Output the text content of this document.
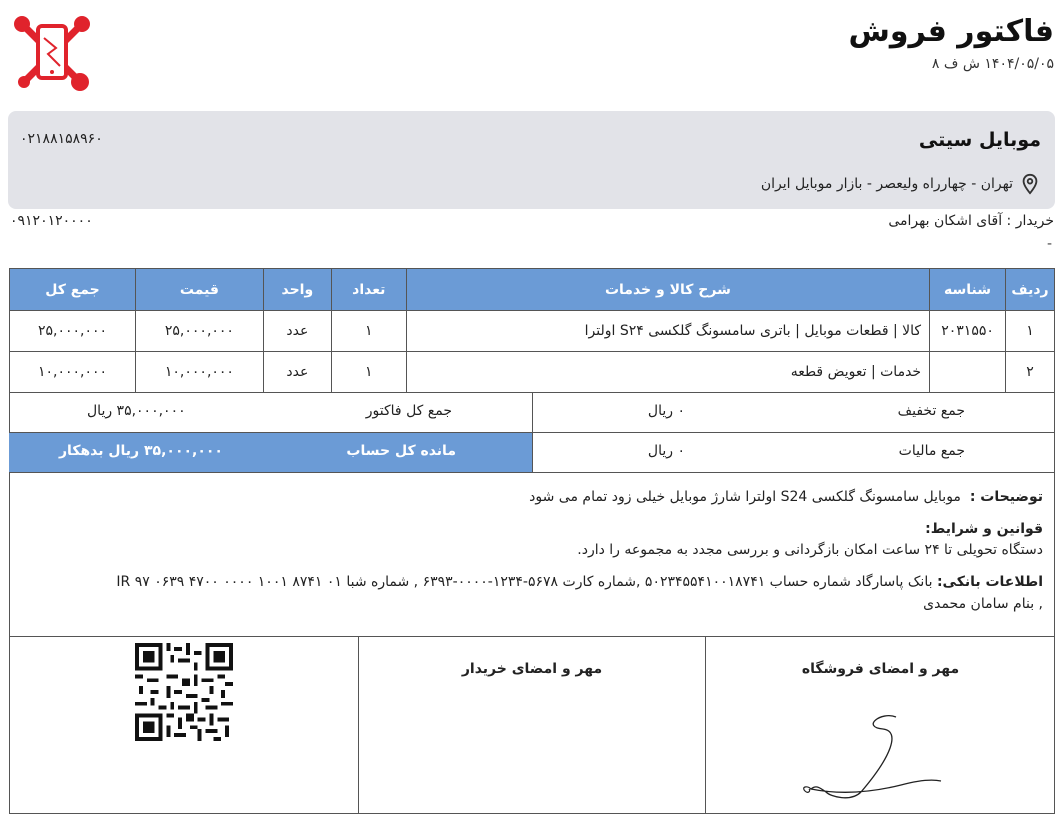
فاکتور فروش
۱۴۰۴/۰۵/۰۵ ش ف ۸
موبایل سیتی
تهران - چهارراه ولیعصر - بازار موبایل ایران
۰۲۱۸۸۱۵۸۹۶۰
خریدار : آقای اشکان بهرامی
-
۰۹۱۲۰۱۲۰۰۰۰
ردیف	شناسه	شرح کالا و خدمات	تعداد	واحد	قیمت	جمع کل
۱	۲۰۳۱۵۵۰	کالا | قطعات موبایل | باتری سامسونگ گلکسی S۲۴ اولترا	۱	عدد	۲۵,۰۰۰,۰۰۰	۲۵,۰۰۰,۰۰۰
۲		خدمات | تعویض قطعه	۱	عدد	۱۰,۰۰۰,۰۰۰	۱۰,۰۰۰,۰۰۰
جمع تخفیف
۰ ریال
جمع مالیات
۰ ریال
جمع کل فاکتور
۳۵,۰۰۰,۰۰۰ ریال
مانده کل حساب
۳۵,۰۰۰,۰۰۰ ریال بدهکار
توضیحات :  موبایل سامسونگ گلکسی S24 اولترا شارژ موبایل خیلی زود تمام می شود
قوانین و شرایط:
دستگاه تحویلی تا ۲۴ ساعت امکان بازگردانی و بررسی مجدد به مجموعه را دارد.
اطلاعات بانکی: بانک پاسارگاد شماره حساب ۵۰۲۳۴۵۵۴۱۰۰۱۸۷۴۱ ,شماره کارت ۵۶۷۸-۱۲۳۴-۰۰۰۰-۶۳۹۳ , شماره شبا IR ۹۷ ۰۶۳۹ ۴۷۰۰ ۰۰۰۰ ۱۰۰۱ ۸۷۴۱ ۰۱
, بنام سامان محمدی
مهر و امضای فروشگاه
مهر و امضای خریدار
